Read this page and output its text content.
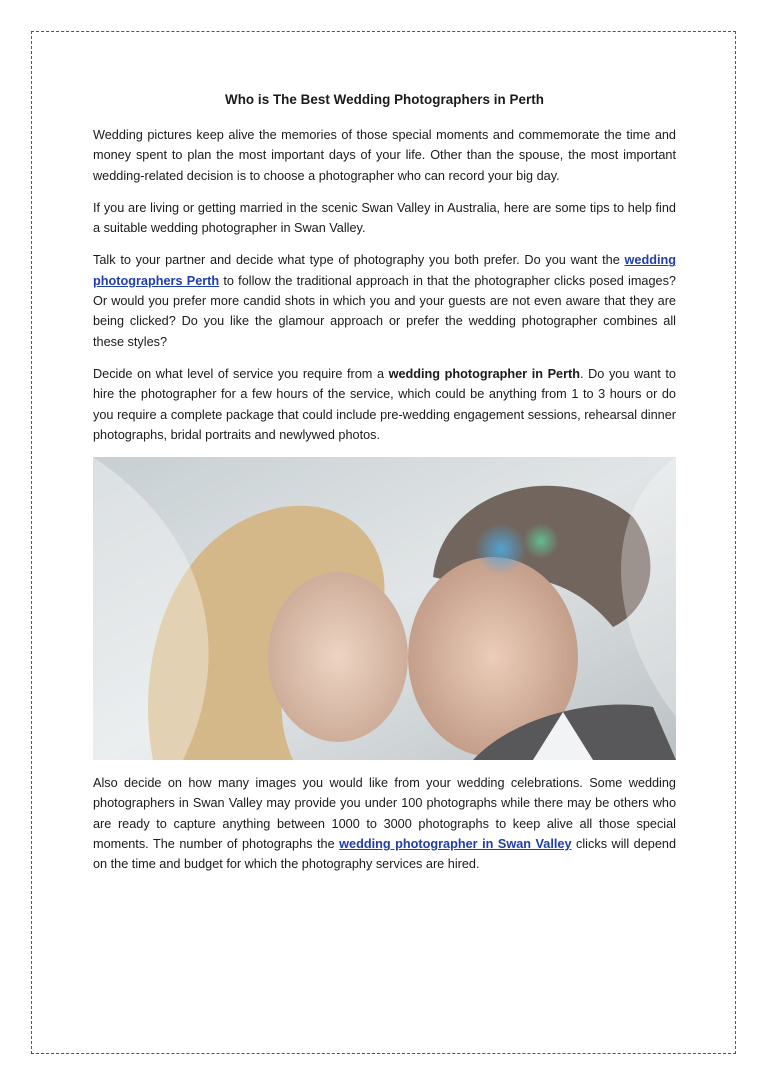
Who is The Best Wedding Photographers in Perth

Wedding pictures keep alive the memories of those special moments and commemorate the time and money spent to plan the most important days of your life. Other than the spouse, the most important wedding-related decision is to choose a photographer who can record your big day.

If you are living or getting married in the scenic Swan Valley in Australia, here are some tips to help find a suitable wedding photographer in Swan Valley.

Talk to your partner and decide what type of photography you both prefer. Do you want the wedding photographers Perth to follow the traditional approach in that the photographer clicks posed images? Or would you prefer more candid shots in which you and your guests are not even aware that they are being clicked? Do you like the glamour approach or prefer the wedding photographer combines all these styles?

Decide on what level of service you require from a wedding photographer in Perth. Do you want to hire the photographer for a few hours of the service, which could be anything from 1 to 3 hours or do you require a complete package that could include pre-wedding engagement sessions, rehearsal dinner photographs, bridal portraits and newlywed photos.

Also decide on how many images you would like from your wedding celebrations. Some wedding photographers in Swan Valley may provide you under 100 photographs while there may be others who are ready to capture anything between 1000 to 3000 photographs to keep alive all those special moments. The number of photographs the wedding photographer in Swan Valley clicks will depend on the time and budget for which the photography services are hired.
